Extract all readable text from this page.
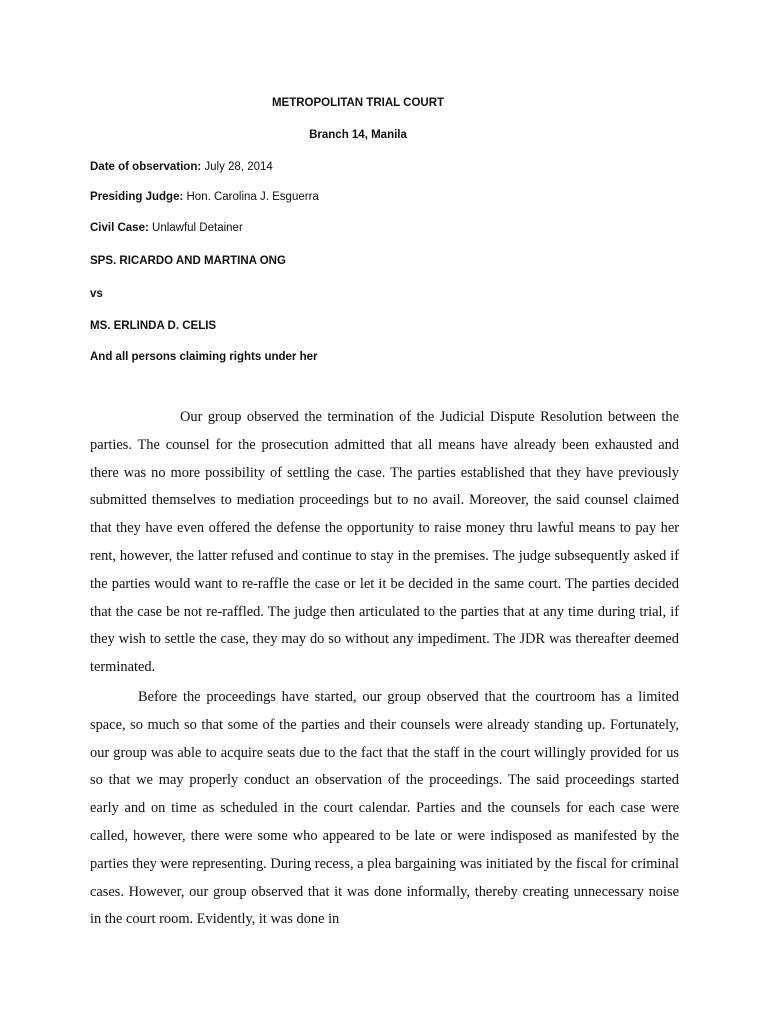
METROPOLITAN TRIAL COURT
Branch 14, Manila
Date of observation: July 28, 2014
Presiding Judge: Hon. Carolina J. Esguerra
Civil Case: Unlawful Detainer
SPS. RICARDO AND MARTINA ONG
vs
MS. ERLINDA D. CELIS
And all persons claiming rights under her

Our group observed the termination of the Judicial Dispute Resolution between the parties. The counsel for the prosecution admitted that all means have already been exhausted and there was no more possibility of settling the case. The parties established that they have previously submitted themselves to mediation proceedings but to no avail. Moreover, the said counsel claimed that they have even offered the defense the opportunity to raise money thru lawful means to pay her rent, however, the latter refused and continue to stay in the premises. The judge subsequently asked if the parties would want to re-raffle the case or let it be decided in the same court. The parties decided that the case be not re-raffled. The judge then articulated to the parties that at any time during trial, if they wish to settle the case, they may do so without any impediment. The JDR was thereafter deemed terminated.

Before the proceedings have started, our group observed that the courtroom has a limited space, so much so that some of the parties and their counsels were already standing up. Fortunately, our group was able to acquire seats due to the fact that the staff in the court willingly provided for us so that we may properly conduct an observation of the proceedings. The said proceedings started early and on time as scheduled in the court calendar. Parties and the counsels for each case were called, however, there were some who appeared to be late or were indisposed as manifested by the parties they were representing. During recess, a plea bargaining was initiated by the fiscal for criminal cases. However, our group observed that it was done informally, thereby creating unnecessary noise in the court room. Evidently, it was done in
